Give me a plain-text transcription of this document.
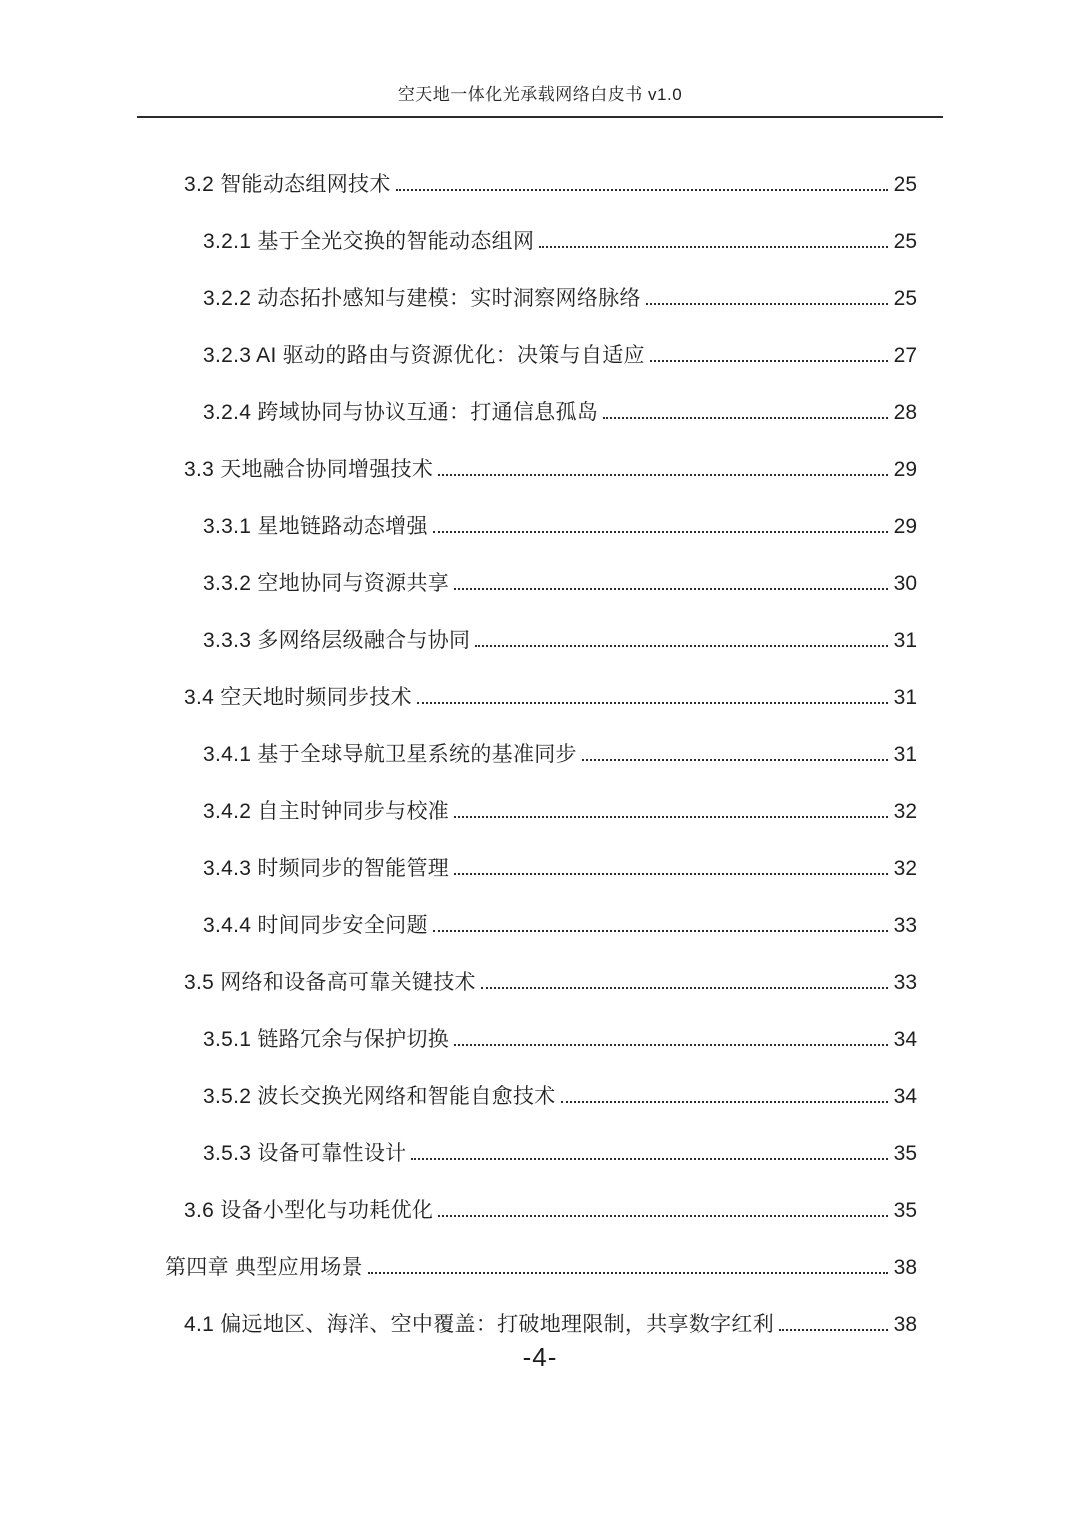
空天地一体化光承载网络白皮书 v1.0
3.2 智能动态组网技术	25
3.2.1 基于全光交换的智能动态组网	25
3.2.2 动态拓扑感知与建模：实时洞察网络脉络	25
3.2.3 AI 驱动的路由与资源优化：决策与自适应	27
3.2.4 跨域协同与协议互通：打通信息孤岛	28
3.3 天地融合协同增强技术	29
3.3.1 星地链路动态增强	29
3.3.2 空地协同与资源共享	30
3.3.3 多网络层级融合与协同	31
3.4 空天地时频同步技术	31
3.4.1 基于全球导航卫星系统的基准同步	31
3.4.2 自主时钟同步与校准	32
3.4.3 时频同步的智能管理	32
3.4.4 时间同步安全问题	33
3.5 网络和设备高可靠关键技术	33
3.5.1 链路冗余与保护切换	34
3.5.2 波长交换光网络和智能自愈技术	34
3.5.3 设备可靠性设计	35
3.6 设备小型化与功耗优化	35
第四章 典型应用场景	38
4.1 偏远地区、海洋、空中覆盖：打破地理限制，共享数字红利	38
-4-
